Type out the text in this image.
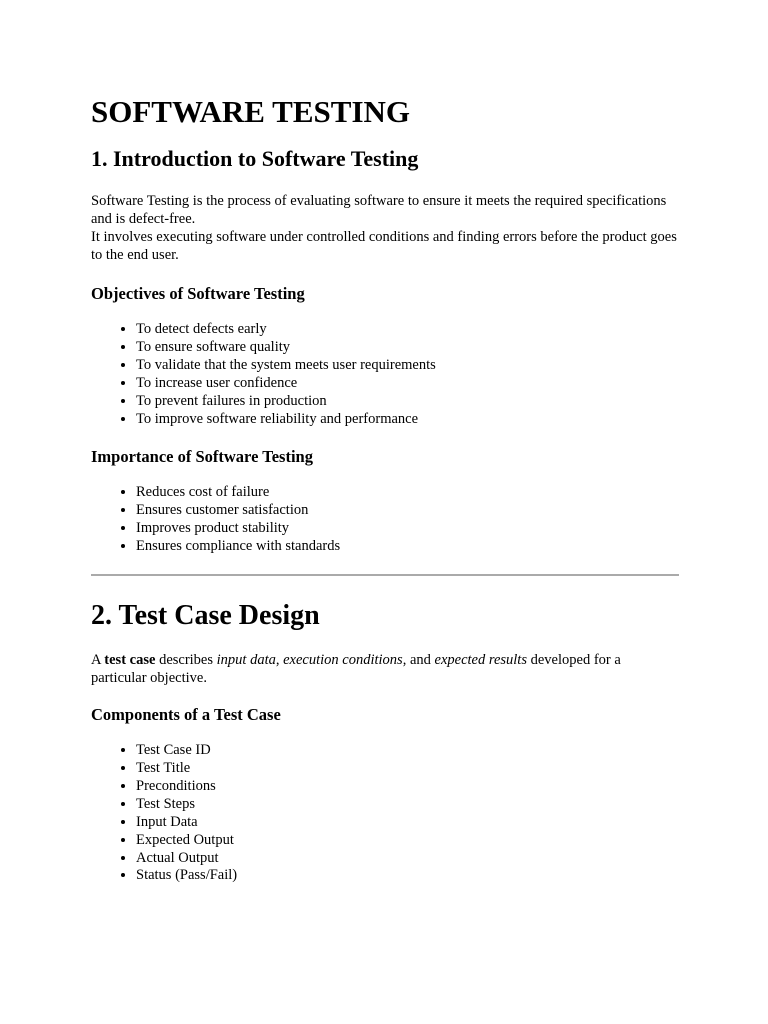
SOFTWARE TESTING
1. Introduction to Software Testing

Software Testing is the process of evaluating software to ensure it meets the required specifications and is defect-free.
It involves executing software under controlled conditions and finding errors before the product goes to the end user.

Objectives of Software Testing
• To detect defects early
• To ensure software quality
• To validate that the system meets user requirements
• To increase user confidence
• To prevent failures in production
• To improve software reliability and performance
Importance of Software Testing
• Reduces cost of failure
• Ensures customer satisfaction
• Improves product stability
• Ensures compliance with standards
2. Test Case Design

A test case describes input data, execution conditions, and expected results developed for a particular objective.

Components of a Test Case
• Test Case ID
• Test Title
• Preconditions
• Test Steps
• Input Data
• Expected Output
• Actual Output
• Status (Pass/Fail)
